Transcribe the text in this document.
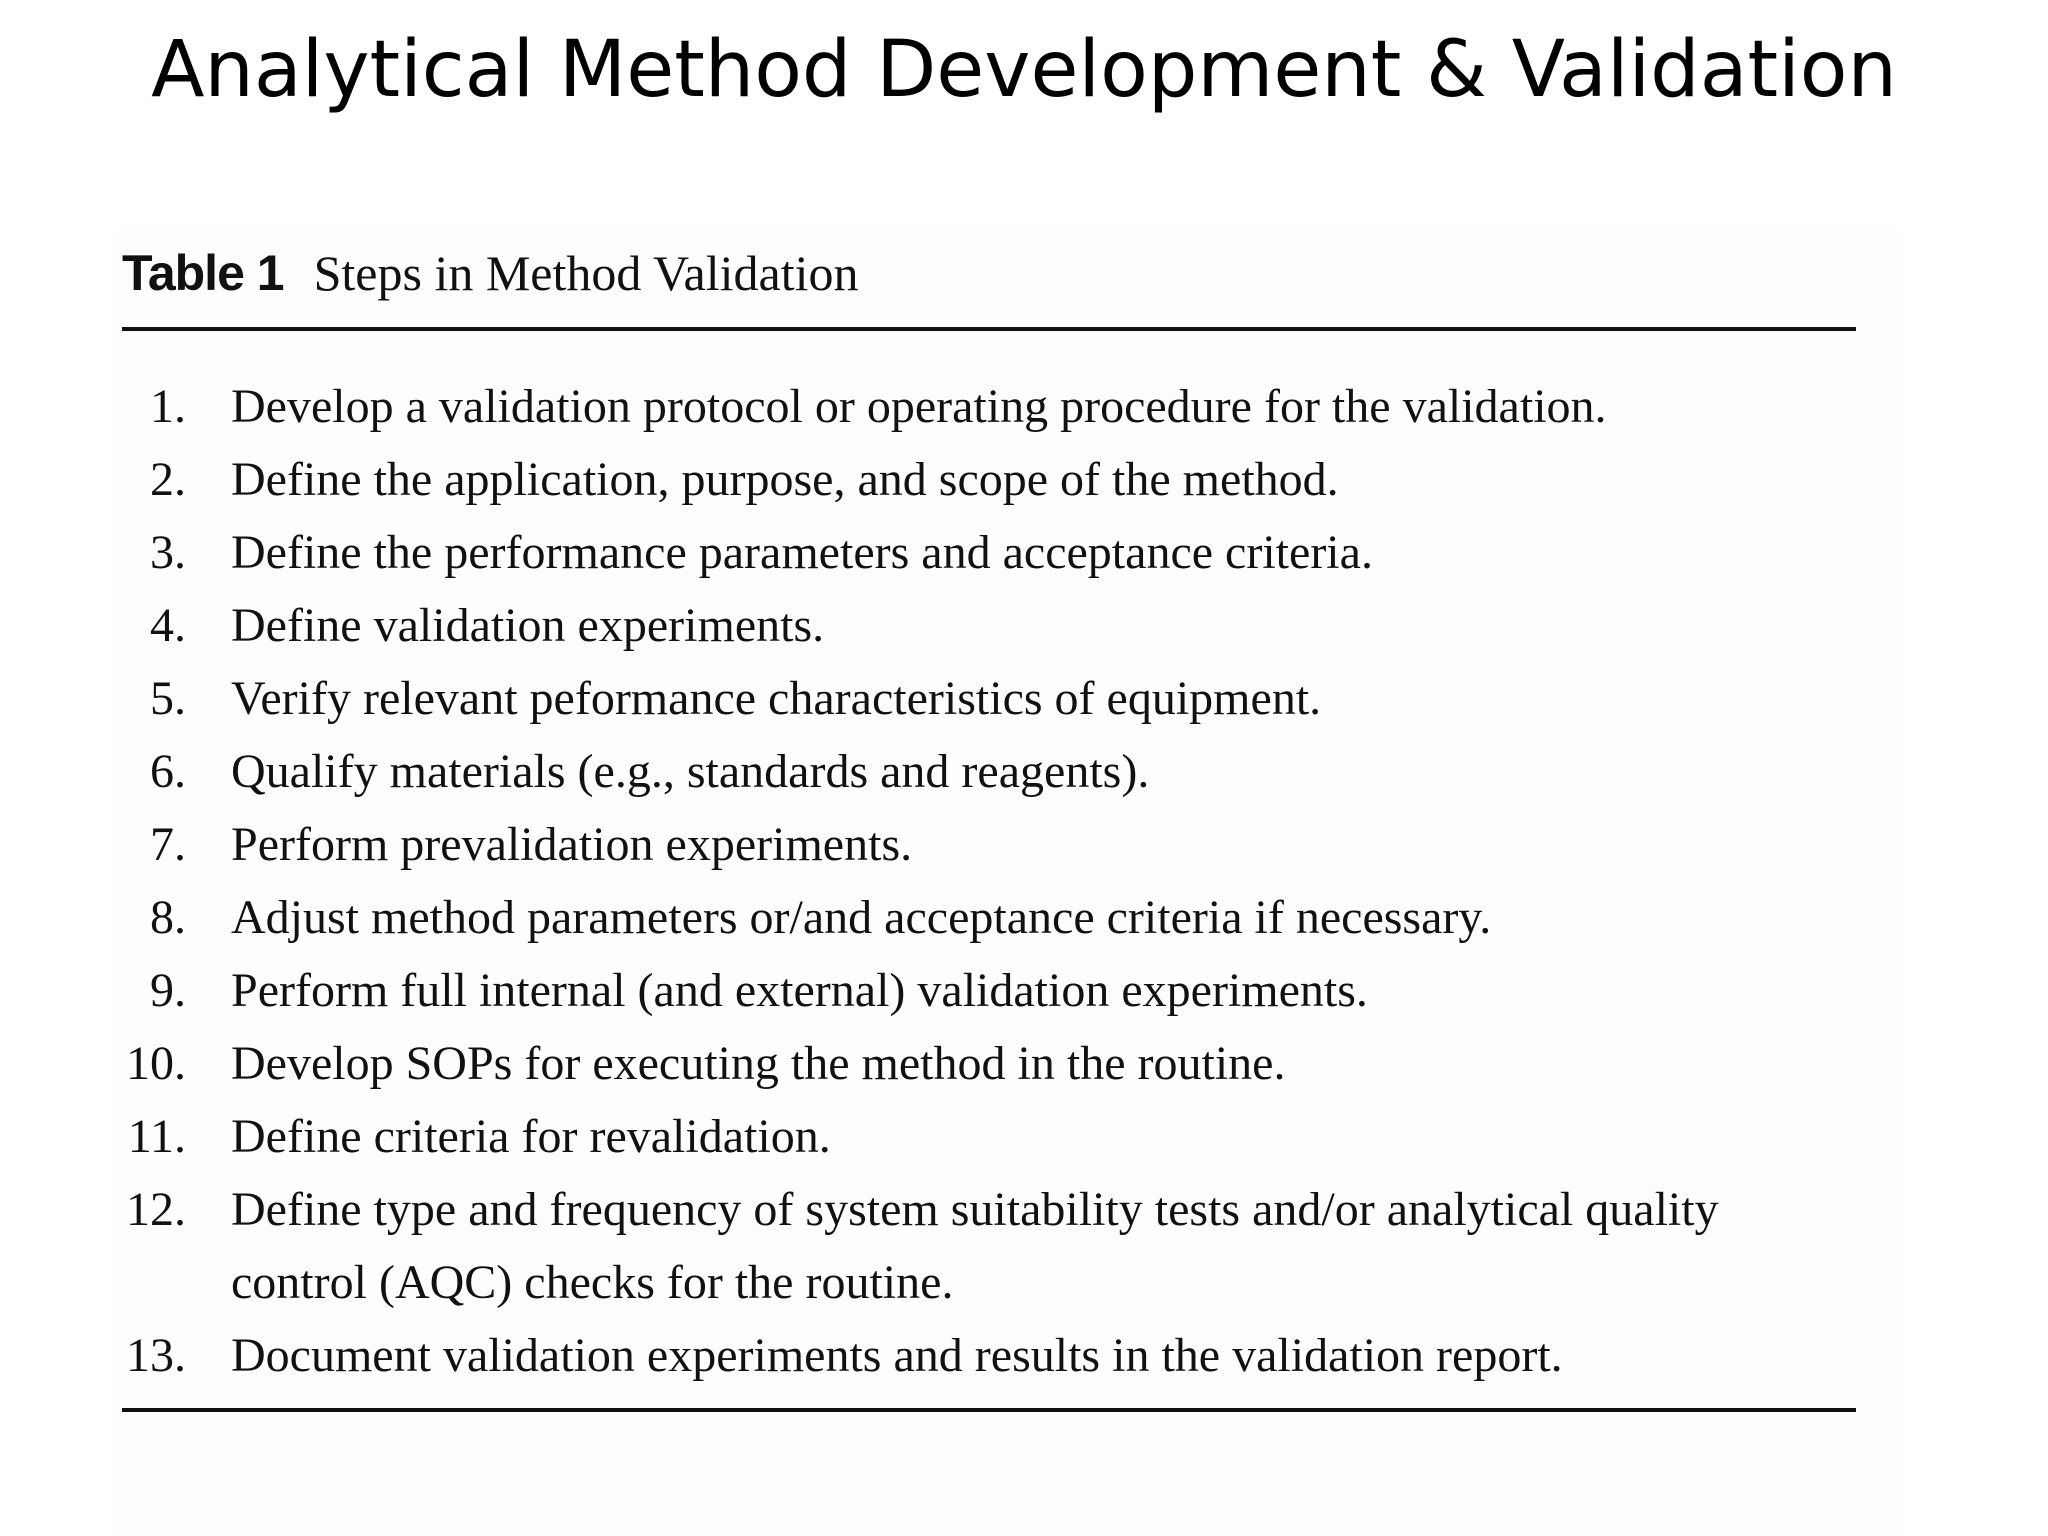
Analytical Method Development & Validation
Table 1 Steps in Method Validation
1. Develop a validation protocol or operating procedure for the validation.
2. Define the application, purpose, and scope of the method.
3. Define the performance parameters and acceptance criteria.
4. Define validation experiments.
5. Verify relevant peformance characteristics of equipment.
6. Qualify materials (e.g., standards and reagents).
7. Perform prevalidation experiments.
8. Adjust method parameters or/and acceptance criteria if necessary.
9. Perform full internal (and external) validation experiments.
10. Develop SOPs for executing the method in the routine.
11. Define criteria for revalidation.
12. Define type and frequency of system suitability tests and/or analytical quality control (AQC) checks for the routine.
13. Document validation experiments and results in the validation report.
